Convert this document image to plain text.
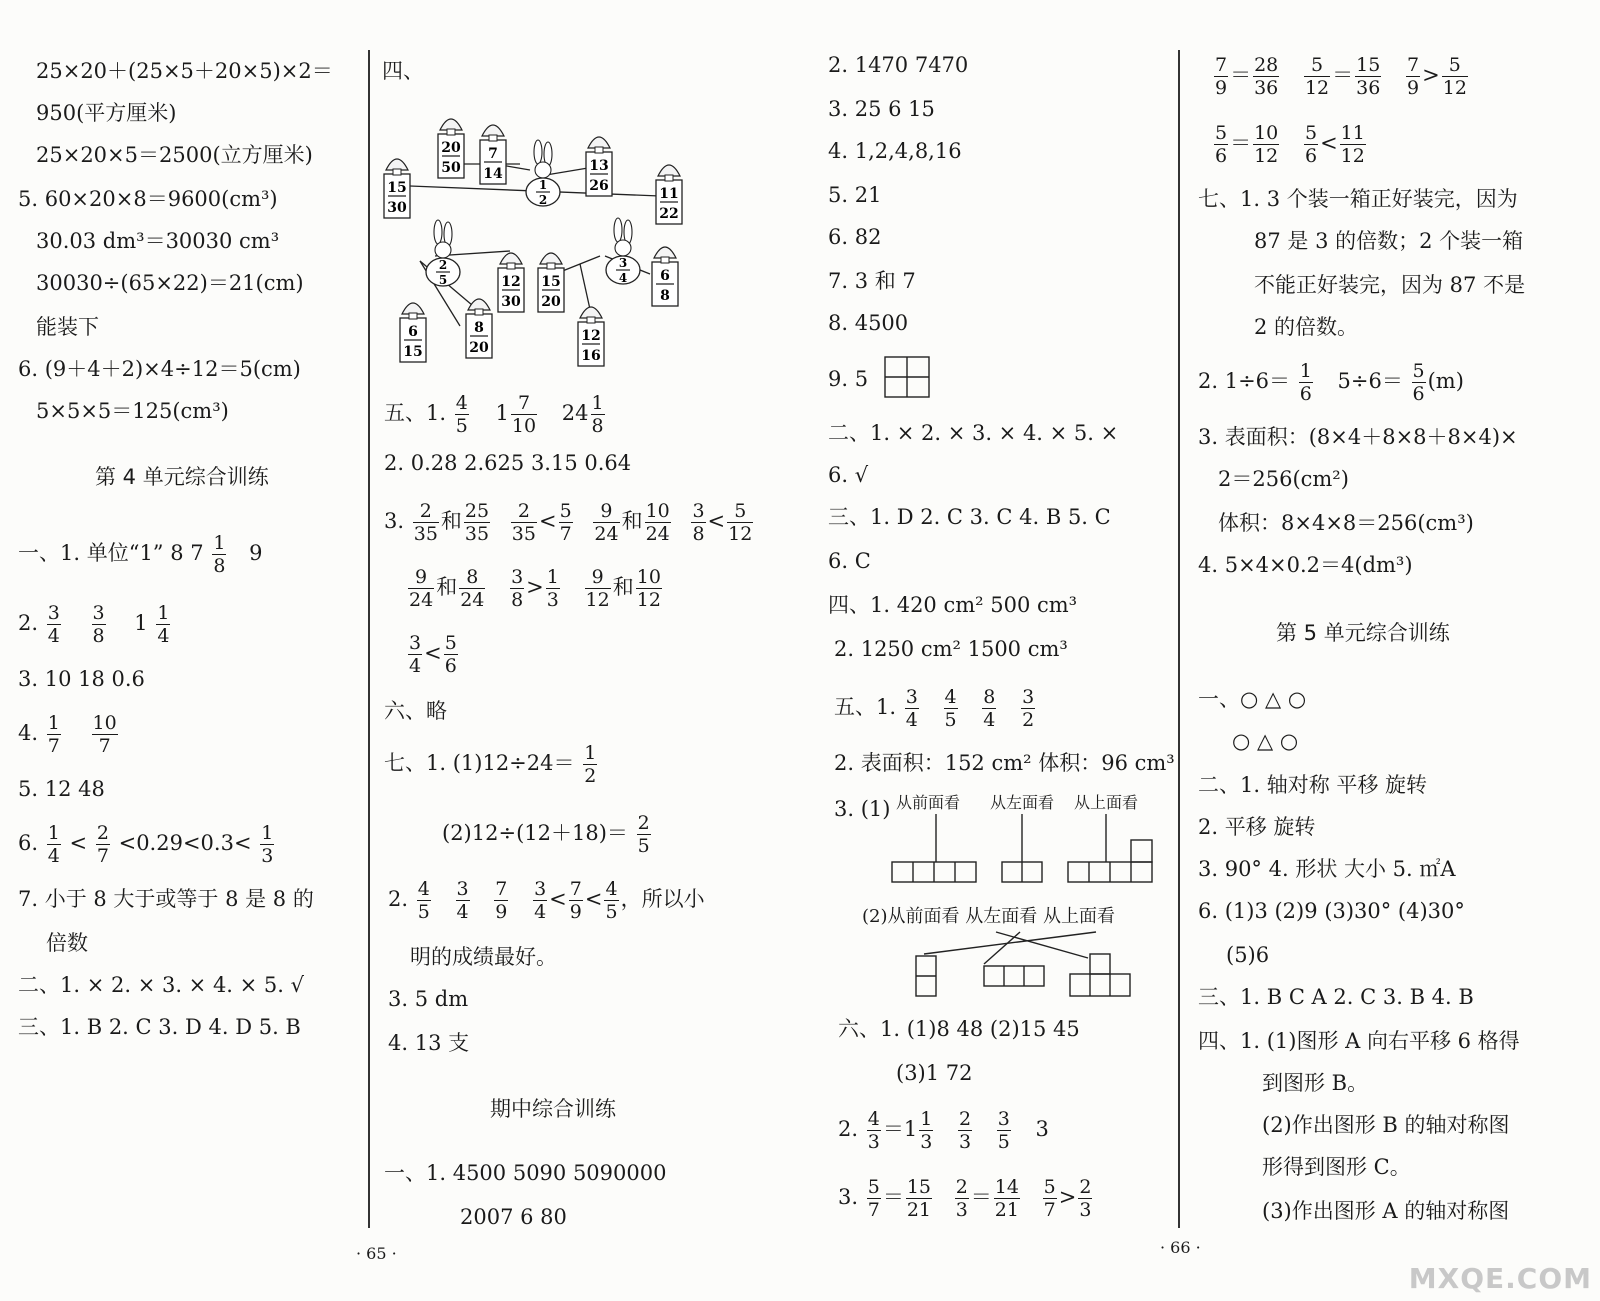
25×20＋(25×5＋20×5)×2＝
950(平方厘米)
25×20×5＝2500(立方厘米)
5. 60×20×8＝9600(cm³)
30.03 dm³＝30030 cm³
30030÷(65×22)＝21(cm)
能装下
6. (9＋4＋2)×4÷12＝5(cm)
5×5×5＝125(cm³)
第 4 单元综合训练
一、1. 单位“1” 8 $7 \frac{1}{8} 9$
2. $\frac{3}{4}$
$\frac{3}{8} 1 \frac{1}{4}$
3. 10 18 0.6
4. $\frac{1}{7}$
$\frac{10}{7}$
5. 12 48
6. $\frac{1}{4} < \frac{2}{7} <0.29<0.3< \frac{1}{3}$
7. 小于 8 大于或等于 8 是 8 的
倍数
二、1. × 2. × 3. × 4. × 5. √
三、1. B 2. C 3. D 4. D 5. B
四、
15
30
20
50
7
14	13
26	11
22
12
30
15
20
6
8
8
20
6
15
12
16
1
2
2
5
3
4
五、1. $\frac{4}{5} 1 \frac{7}{10} 24 \frac{1}{8}$
2. 0.28 2.625 3.15 0.64
3. $\frac{2}{35}$ 和 $\frac{25}{35}$
$\frac{2}{35} < \frac{5}{7}$
$\frac{9}{24}$ 和 $\frac{10}{24}$
$\frac{3}{8} < \frac{5}{12}$
$\frac{9}{24}$ 和 $\frac{8}{24}$
$\frac{3}{8} > \frac{1}{3}$
$\frac{9}{12}$ 和 $\frac{10}{12}$
$\frac{3}{4} < \frac{5}{6}$
六、略
七、1. $(1)12\div 24= \frac{1}{2}$
$(2)12\div(12+18)= \frac{2}{5}$
2. $\frac{4}{5}$
$\frac{3}{4}$
$\frac{7}{9}$
$\frac{3}{4} < \frac{7}{9} < \frac{4}{5}$ ，所以小
明的成绩最好。
3. 5 dm
4. 13 支
期中综合训练
一、1. 4500 5090 5090000
2007 6 80
· 65 ·
2. 1470 7470
3. 25 6 15
4. 1,2,4,8,16
5. 21
6. 82
7. 3 和 7
8. 4500
9. 5
二、1. × 2. × 3. × 4. × 5. ×
6. √
三、1. D 2. C 3. C 4. B 5. C
6. C
四、1. 420 cm² 500 cm³
2. 1250 cm² 1500 cm³
五、1. $\frac{3}{4}$
$\frac{4}{5}$
$\frac{8}{4}$
$\frac{3}{2}$
2. 表面积：152 cm² 体积：96 cm³
3. (1) 从前面看 从左面看 从上面看
(2)从前面看 从左面看 从上面看
六、1. (1)8 48 (2)15 45
(3)1 72
2. $\frac{4}{3} =1 \frac{1}{3}$
$\frac{2}{3}$
$\frac{3}{5} 3$
3. $\frac{5}{7} = \frac{15}{21}$
$\frac{2}{3} = \frac{14}{21}$
$\frac{5}{7} > \frac{2}{3}$
$\frac{7}{9} = \frac{28}{36}$
$\frac{5}{12} = \frac{15}{36}$
$\frac{7}{9} > \frac{5}{12}$
$\frac{5}{6} = \frac{10}{12}$
$\frac{5}{6} < \frac{11}{12}$
七、1. 3 个装一箱正好装完，因为
87 是 3 的倍数；2 个装一箱
不能正好装完，因为 87 不是
2 的倍数。
2. $1\div 6= \frac{1}{6} 5\div 6= \frac{5}{6} (m)$
3. 表面积：(8×4＋8×8＋8×4)×
2＝256(cm²)
体积：8×4×8＝256(cm³)
4. 5×4×0.2＝4(dm³)
第 5 单元综合训练
一、○ △ ○
○ △ ○
二、1. 轴对称 平移 旋转
2. 平移 旋转
3. 90° 4. 形状 大小 5. ㎡A
6. (1)3 (2)9 (3)30° (4)30°
(5)6
三、1. B C A 2. C 3. B 4. B
四、1. (1)图形 A 向右平移 6 格得
到图形 B。
(2)作出图形 B 的轴对称图
形得到图形 C。
(3)作出图形 A 的轴对称图
· 66 ·
MXQE.COM
